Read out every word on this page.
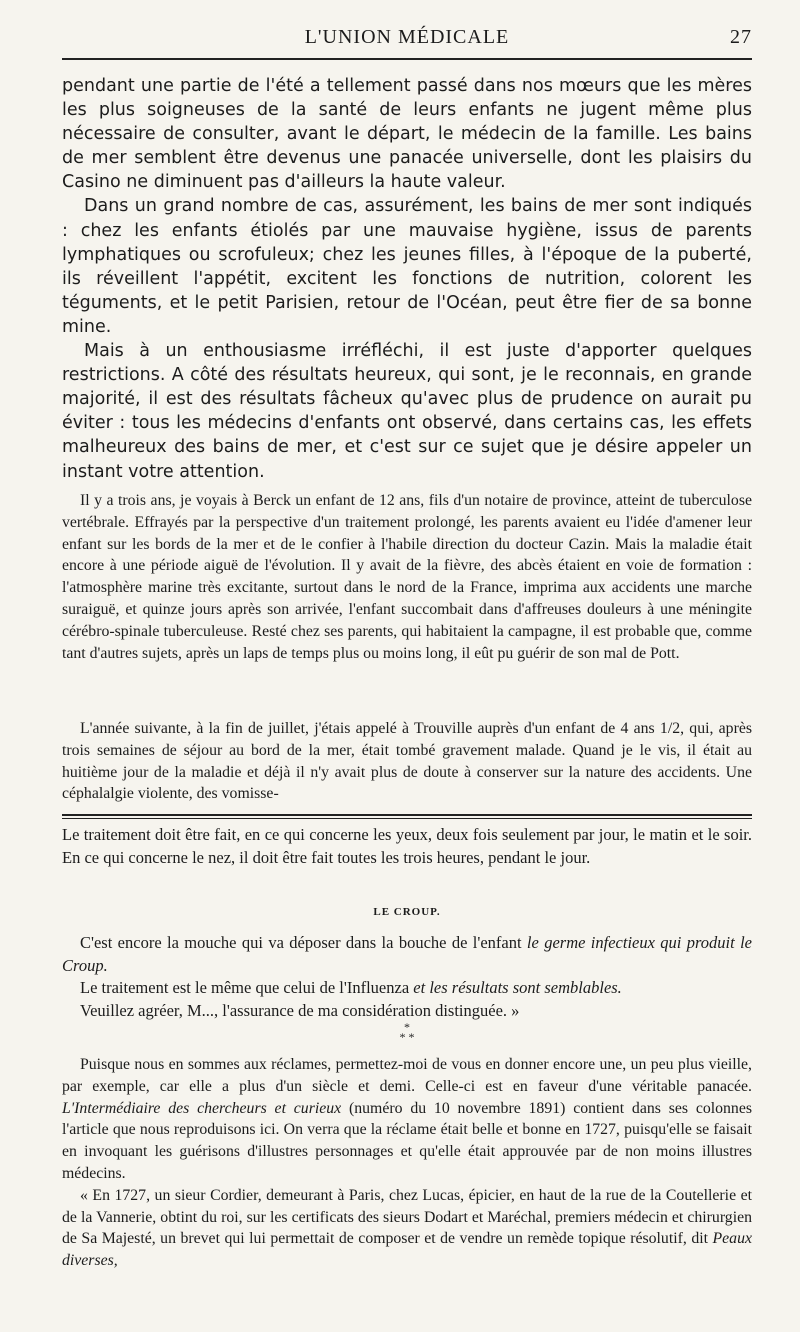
L'UNION MÉDICALE	27

pendant une partie de l'été a tellement passé dans nos mœurs que les mères les plus soigneuses de la santé de leurs enfants ne jugent même plus nécessaire de consulter, avant le départ, le médecin de la famille. Les bains de mer semblent être devenus une panacée universelle, dont les plaisirs du Casino ne diminuent pas d'ailleurs la haute valeur.

Dans un grand nombre de cas, assurément, les bains de mer sont indiqués : chez les enfants étiolés par une mauvaise hygiène, issus de parents lymphatiques ou scrofuleux; chez les jeunes filles, à l'époque de la puberté, ils réveillent l'appétit, excitent les fonctions de nutrition, colorent les téguments, et le petit Parisien, retour de l'Océan, peut être fier de sa bonne mine.

Mais à un enthousiasme irréfléchi, il est juste d'apporter quelques restrictions. A côté des résultats heureux, qui sont, je le reconnais, en grande majorité, il est des résultats fâcheux qu'avec plus de prudence on aurait pu éviter : tous les médecins d'enfants ont observé, dans certains cas, les effets malheureux des bains de mer, et c'est sur ce sujet que je désire appeler un instant votre attention.

Il y a trois ans, je voyais à Berck un enfant de 12 ans, fils d'un notaire de province, atteint de tuberculose vertébrale. Effrayés par la perspective d'un traitement prolongé, les parents avaient eu l'idée d'amener leur enfant sur les bords de la mer et de le confier à l'habile direction du docteur Cazin. Mais la maladie était encore à une période aiguë de l'évolution. Il y avait de la fièvre, des abcès étaient en voie de formation : l'atmosphère marine très excitante, surtout dans le nord de la France, imprima aux accidents une marche suraiguë, et quinze jours après son arrivée, l'enfant succombait dans d'affreuses douleurs à une méningite cérébro-spinale tuberculeuse. Resté chez ses parents, qui habitaient la campagne, il est probable que, comme tant d'autres sujets, après un laps de temps plus ou moins long, il eût pu guérir de son mal de Pott.

L'année suivante, à la fin de juillet, j'étais appelé à Trouville auprès d'un enfant de 4 ans 1/2, qui, après trois semaines de séjour au bord de la mer, était tombé gravement malade. Quand je le vis, il était au huitième jour de la maladie et déjà il n'y avait plus de doute à conserver sur la nature des accidents. Une céphalalgie violente, des vomisse-

Le traitement doit être fait, en ce qui concerne les yeux, deux fois seulement par jour, le matin et le soir. En ce qui concerne le nez, il doit être fait toutes les trois heures, pendant le jour.

LE CROUP.

C'est encore la mouche qui va déposer dans la bouche de l'enfant le germe infectieux qui produit le Croup.

Le traitement est le même que celui de l'Influenza et les résultats sont semblables.

Veuillez agréer, M..., l'assurance de ma considération distinguée. »

*
* *

Puisque nous en sommes aux réclames, permettez-moi de vous en donner encore une, un peu plus vieille, par exemple, car elle a plus d'un siècle et demi. Celle-ci est en faveur d'une véritable panacée. L'Intermédiaire des chercheurs et curieux (numéro du 10 novembre 1891) contient dans ses colonnes l'article que nous reproduisons ici. On verra que la réclame était belle et bonne en 1727, puisqu'elle se faisait en invoquant les guérisons d'illustres personnages et qu'elle était approuvée par de non moins illustres médecins.

« En 1727, un sieur Cordier, demeurant à Paris, chez Lucas, épicier, en haut de la rue de la Coutellerie et de la Vannerie, obtint du roi, sur les certificats des sieurs Dodart et Maréchal, premiers médecin et chirurgien de Sa Majesté, un brevet qui lui permettait de composer et de vendre un remède topique résolutif, dit Peaux diverses,
